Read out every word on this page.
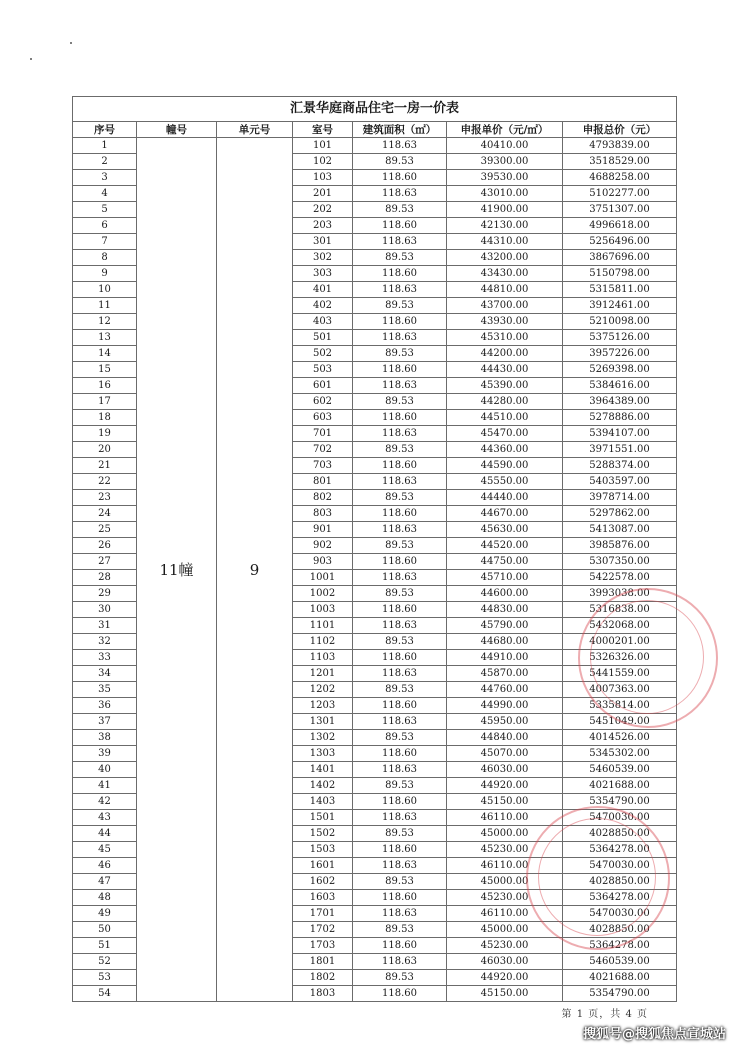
汇景华庭商品住宅一房一价表
序号	幢号	单元号	室号	建筑面积（㎡）	申报单价（元/㎡）	申报总价（元）
1	11幢	9	101	118.63	40410.00	4793839.00
2			102	89.53	39300.00	3518529.00
3			103	118.60	39530.00	4688258.00
4			201	118.63	43010.00	5102277.00
5			202	89.53	41900.00	3751307.00
6			203	118.60	42130.00	4996618.00
7			301	118.63	44310.00	5256496.00
8			302	89.53	43200.00	3867696.00
9			303	118.60	43430.00	5150798.00
10			401	118.63	44810.00	5315811.00
11			402	89.53	43700.00	3912461.00
12			403	118.60	43930.00	5210098.00
13			501	118.63	45310.00	5375126.00
14			502	89.53	44200.00	3957226.00
15			503	118.60	44430.00	5269398.00
16			601	118.63	45390.00	5384616.00
17			602	89.53	44280.00	3964389.00
18			603	118.60	44510.00	5278886.00
19			701	118.63	45470.00	5394107.00
20			702	89.53	44360.00	3971551.00
21			703	118.60	44590.00	5288374.00
22			801	118.63	45550.00	5403597.00
23			802	89.53	44440.00	3978714.00
24			803	118.60	44670.00	5297862.00
25			901	118.63	45630.00	5413087.00
26			902	89.53	44520.00	3985876.00
27			903	118.60	44750.00	5307350.00
28			1001	118.63	45710.00	5422578.00
29			1002	89.53	44600.00	3993038.00
30			1003	118.60	44830.00	5316838.00
31			1101	118.63	45790.00	5432068.00
32			1102	89.53	44680.00	4000201.00
33			1103	118.60	44910.00	5326326.00
34			1201	118.63	45870.00	5441559.00
35			1202	89.53	44760.00	4007363.00
36			1203	118.60	44990.00	5335814.00
37			1301	118.63	45950.00	5451049.00
38			1302	89.53	44840.00	4014526.00
39			1303	118.60	45070.00	5345302.00
40			1401	118.63	46030.00	5460539.00
41			1402	89.53	44920.00	4021688.00
42			1403	118.60	45150.00	5354790.00
43			1501	118.63	46110.00	5470030.00
44			1502	89.53	45000.00	4028850.00
45			1503	118.60	45230.00	5364278.00
46			1601	118.63	46110.00	5470030.00
47			1602	89.53	45000.00	4028850.00
48			1603	118.60	45230.00	5364278.00
49			1701	118.63	46110.00	5470030.00
50			1702	89.53	45000.00	4028850.00
51			1703	118.60	45230.00	5364278.00
52			1801	118.63	46030.00	5460539.00
53			1802	89.53	44920.00	4021688.00
54			1803	118.60	45150.00	5354790.00
第 1 页，共 4 页
搜狐号@搜狐焦点宣城站
